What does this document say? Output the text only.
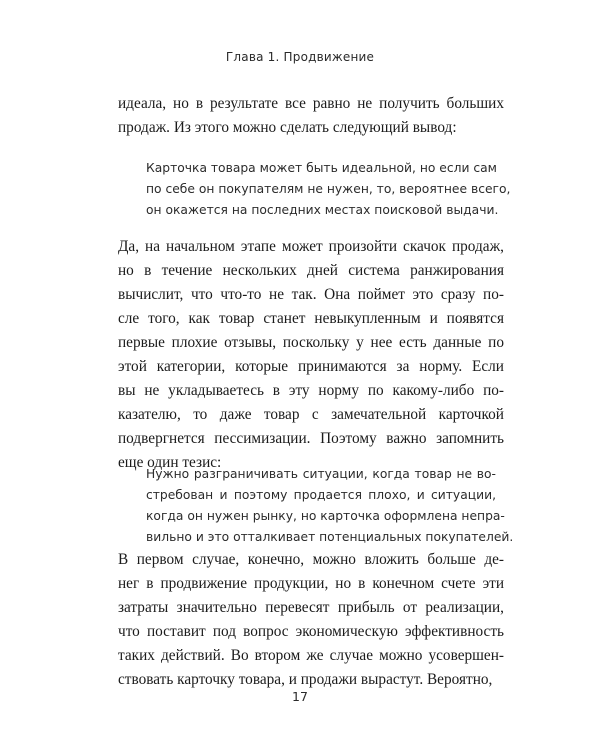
Глава 1. Продвижение
идеала, но в результате все равно не получить больших
продаж. Из этого можно сделать следующий вывод:
Карточка товара может быть идеальной, но если сам
по себе он покупателям не нужен, то, вероятнее всего,
он окажется на последних местах поисковой выдачи.
Да, на начальном этапе может произойти скачок продаж,
но в течение нескольких дней система ранжирования
вычислит, что что-то не так. Она поймет это сразу по-
сле того, как товар станет невыкупленным и появятся
первые плохие отзывы, поскольку у нее есть данные по
этой категории, которые принимаются за норму. Если
вы не укладываетесь в эту норму по какому-либо по-
казателю, то даже товар с замечательной карточкой
подвергнется пессимизации. Поэтому важно запомнить
еще один тезис:
Нужно разграничивать ситуации, когда товар не во-
стребован и поэтому продается плохо, и ситуации,
когда он нужен рынку, но карточка оформлена непра-
вильно и это отталкивает потенциальных покупателей.
В первом случае, конечно, можно вложить больше де-
нег в продвижение продукции, но в конечном счете эти
затраты значительно перевесят прибыль от реализации,
что поставит под вопрос экономическую эффективность
таких действий. Во втором же случае можно усовершен-
ствовать карточку товара, и продажи вырастут. Вероятно,
17
